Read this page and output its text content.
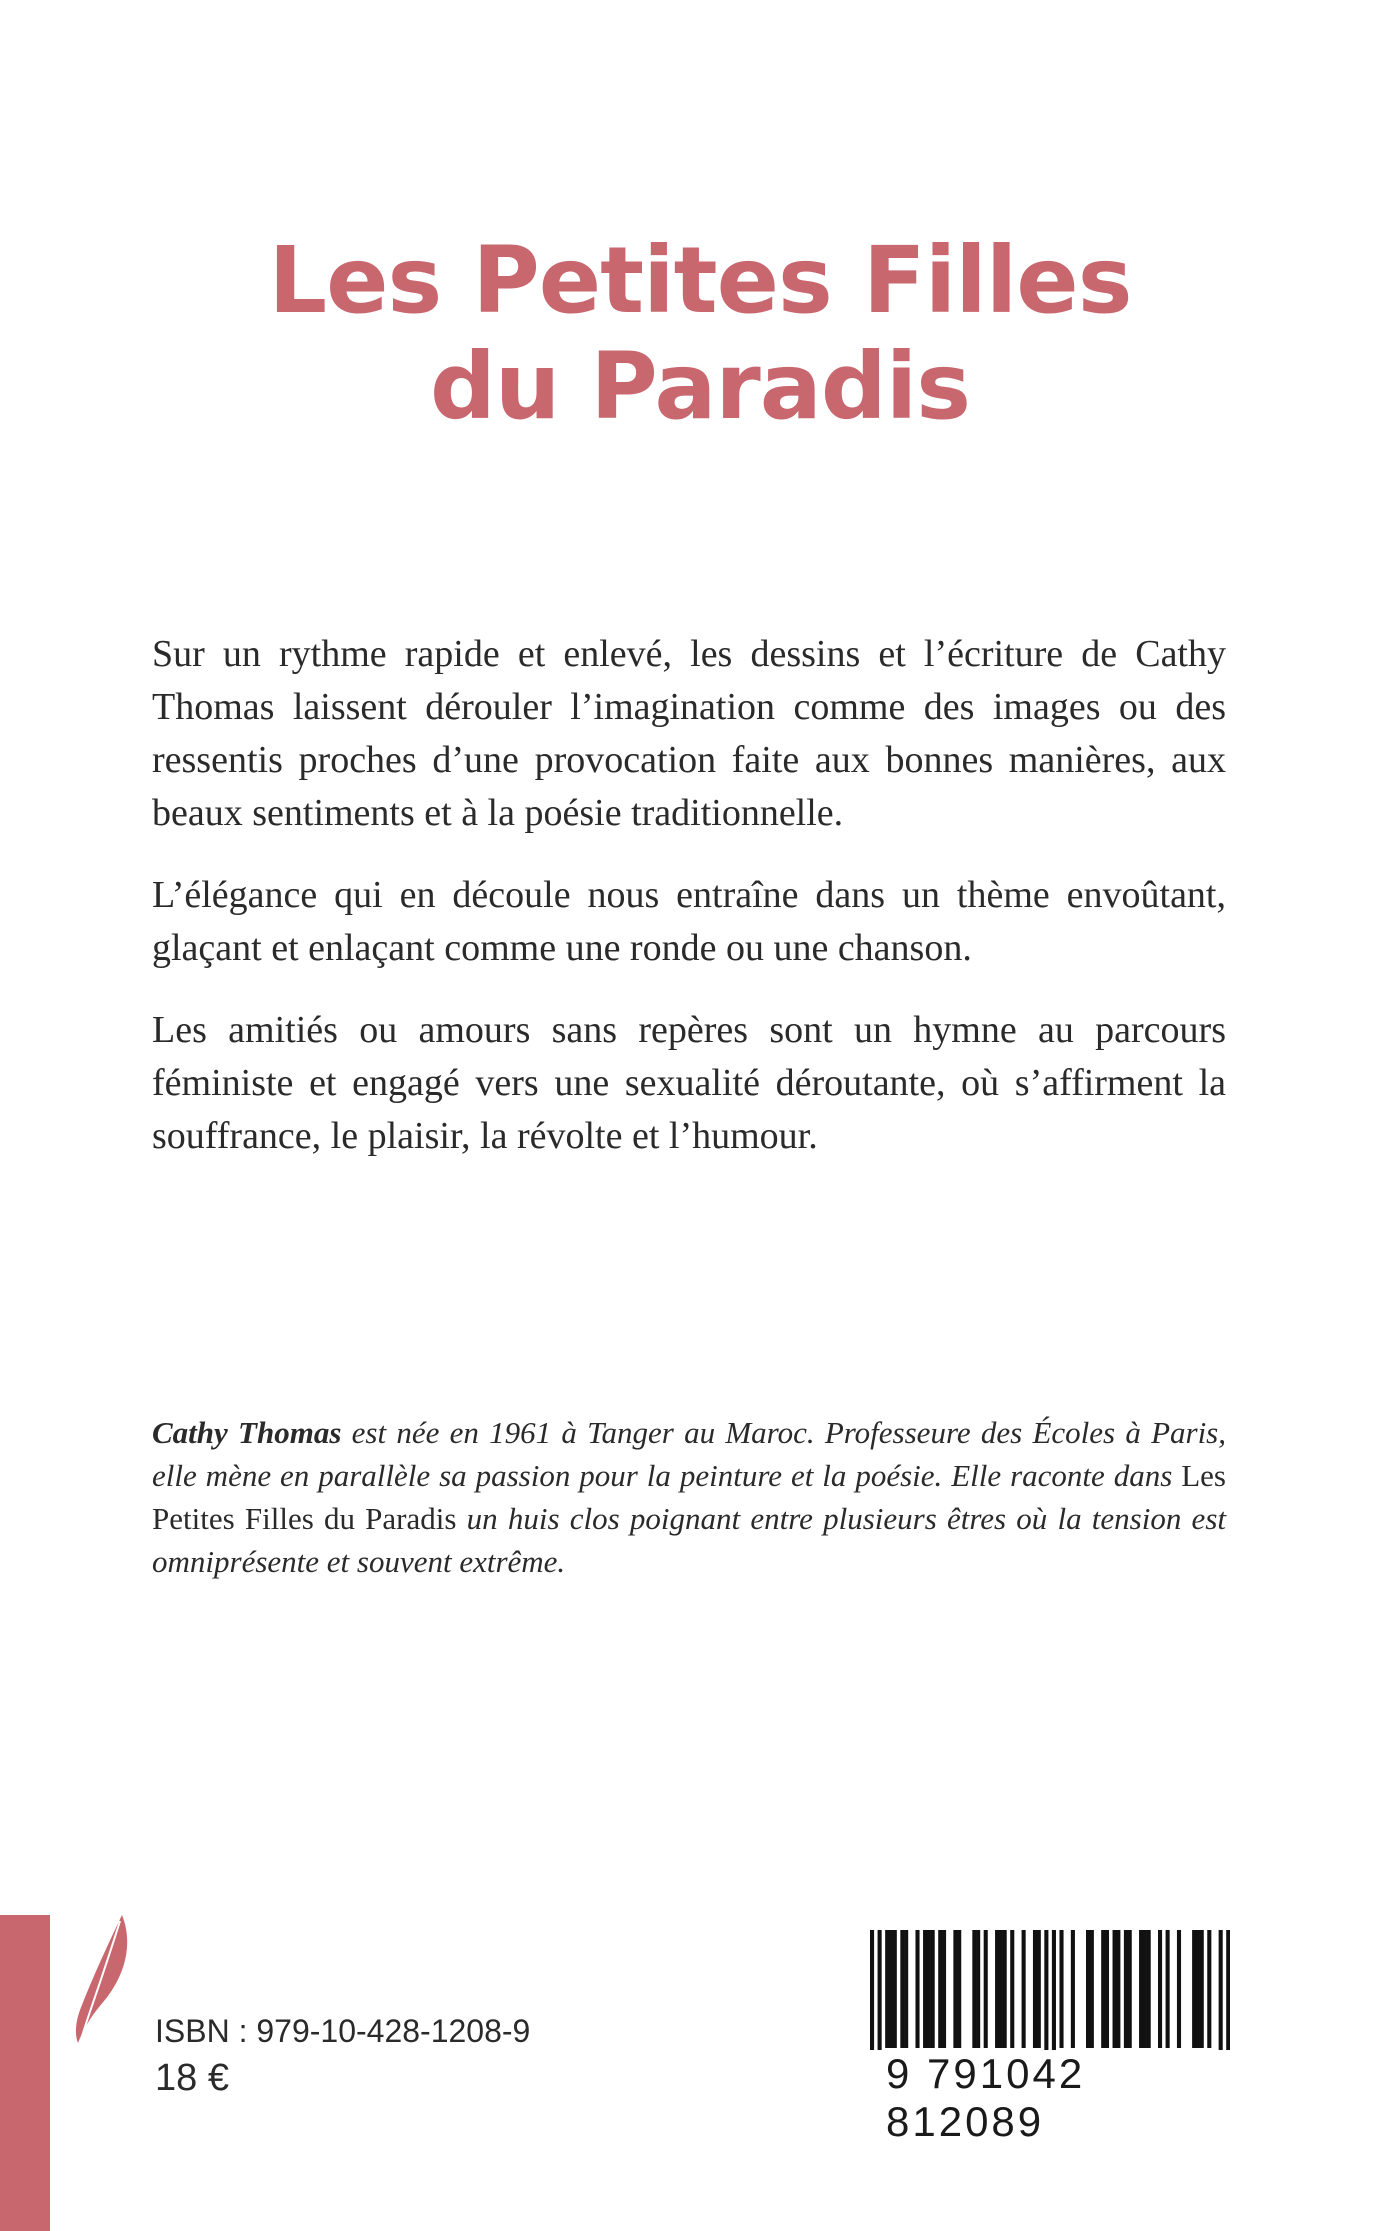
Les Petites Filles
du Paradis

Sur un rythme rapide et enlevé, les dessins et l’écriture de Cathy Thomas laissent dérouler l’imagination comme des images ou des ressentis proches d’une provocation faite aux bonnes manières, aux beaux sentiments et à la poésie traditionnelle.

L’élégance qui en découle nous entraîne dans un thème envoûtant, glaçant et enlaçant comme une ronde ou une chanson.

Les amitiés ou amours sans repères sont un hymne au parcours féministe et engagé vers une sexualité déroutante, où s’affirment la souffrance, le plaisir, la révolte et l’humour.

Cathy Thomas est née en 1961 à Tanger au Maroc. Professeure des Écoles à Paris, elle mène en parallèle sa passion pour la peinture et la poésie. Elle raconte dans Les Petites Filles du Paradis un huis clos poignant entre plusieurs êtres où la tension est omniprésente et souvent extrême.

ISBN : 979-10-428-1208-9
18 €	9 791042 812089
